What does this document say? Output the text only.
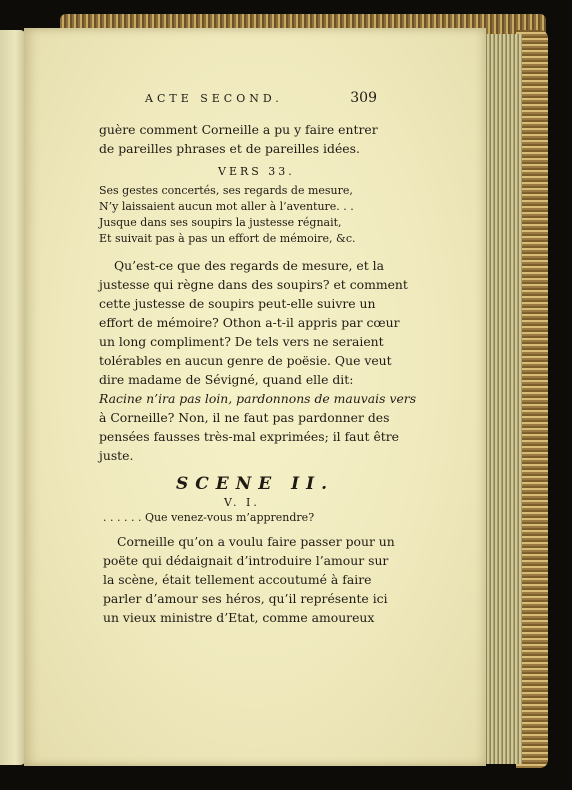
ACTE SECOND.	309
guère comment Corneille a pu y faire entrer
de pareilles phrases et de pareilles idées.
VERS 33.
Ses gestes concertés, ses regards de mesure,
N’y laissaient aucun mot aller à l’aventure. . .
Jusque dans ses soupirs la justesse régnait,
Et suivait pas à pas un effort de mémoire, &c.
Qu’est-ce que des regards de mesure, et la
justesse qui règne dans des soupirs? et comment
cette justesse de soupirs peut-elle suivre un
effort de mémoire? Othon a-t-il appris par cœur
un long compliment? De tels vers ne seraient
tolérables en aucun genre de poësie. Que veut
dire madame de Sévigné, quand elle dit:
Racine n’ira pas loin, pardonnons de mauvais vers
à Corneille? Non, il ne faut pas pardonner des
pensées fausses très-mal exprimées; il faut être
juste.
SCENE II.
V. I.
. . . . . . Que venez-vous m’apprendre?
Corneille qu’on a voulu faire passer pour un
poëte qui dédaignait d’introduire l’amour sur
la scène, était tellement accoutumé à faire
parler d’amour ses héros, qu’il représente ici
un vieux ministre d’Etat, comme amoureux
